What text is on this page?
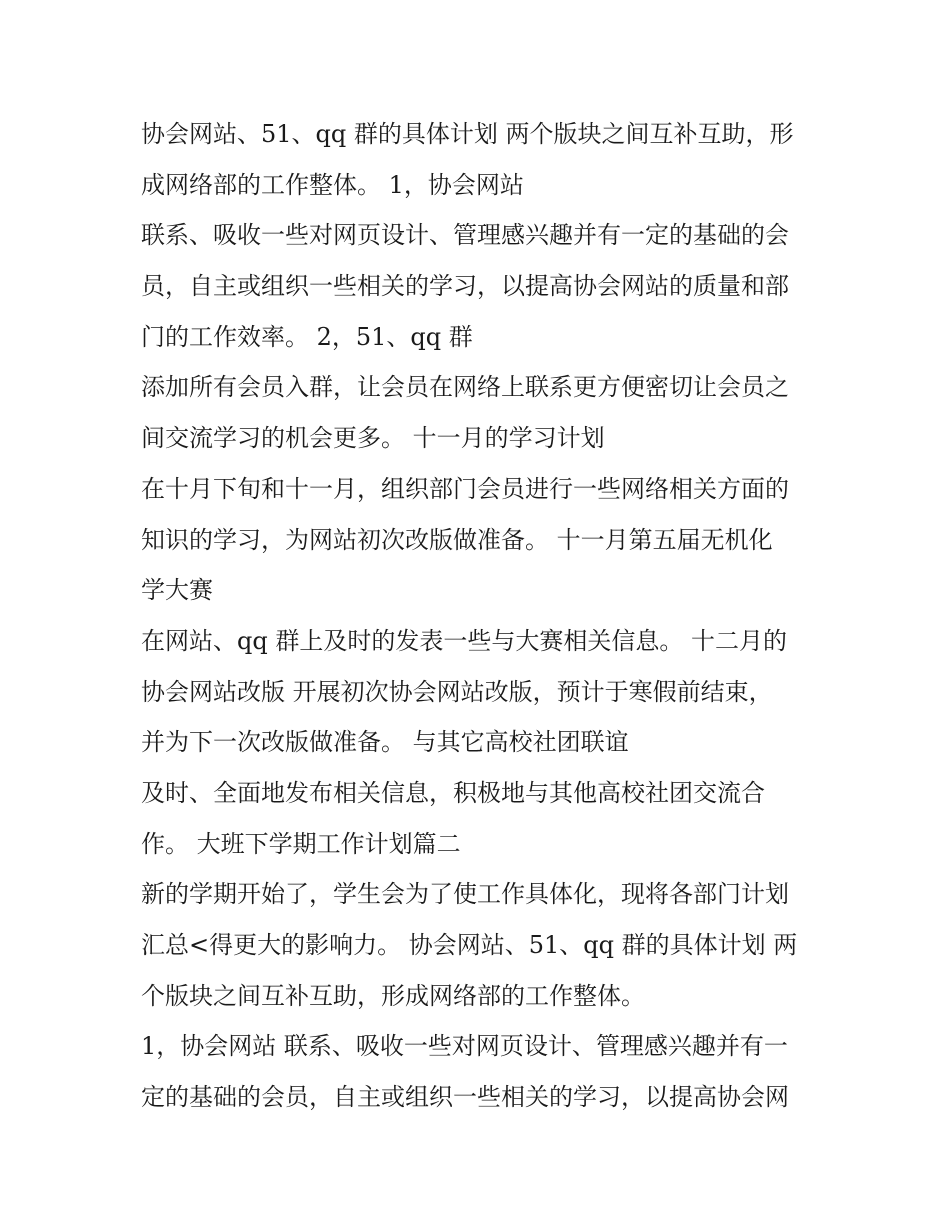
协会网站、51、qq 群的具体计划 两个版块之间互补互助，形
成网络部的工作整体。 1，协会网站
联系、吸收一些对网页设计、管理感兴趣并有一定的基础的会
员，自主或组织一些相关的学习，以提高协会网站的质量和部
门的工作效率。 2，51、qq 群
添加所有会员入群，让会员在网络上联系更方便密切让会员之
间交流学习的机会更多。 十一月的学习计划
在十月下旬和十一月，组织部门会员进行一些网络相关方面的
知识的学习，为网站初次改版做准备。 十一月第五届无机化
学大赛
在网站、qq 群上及时的发表一些与大赛相关信息。 十二月的
协会网站改版 开展初次协会网站改版，预计于寒假前结束，
并为下一次改版做准备。 与其它高校社团联谊
及时、全面地发布相关信息，积极地与其他高校社团交流合
作。 大班下学期工作计划篇二
新的学期开始了，学生会为了使工作具体化，现将各部门计划
汇总<得更大的影响力。 协会网站、51、qq 群的具体计划 两
个版块之间互补互助，形成网络部的工作整体。
1，协会网站 联系、吸收一些对网页设计、管理感兴趣并有一
定的基础的会员，自主或组织一些相关的学习，以提高协会网
